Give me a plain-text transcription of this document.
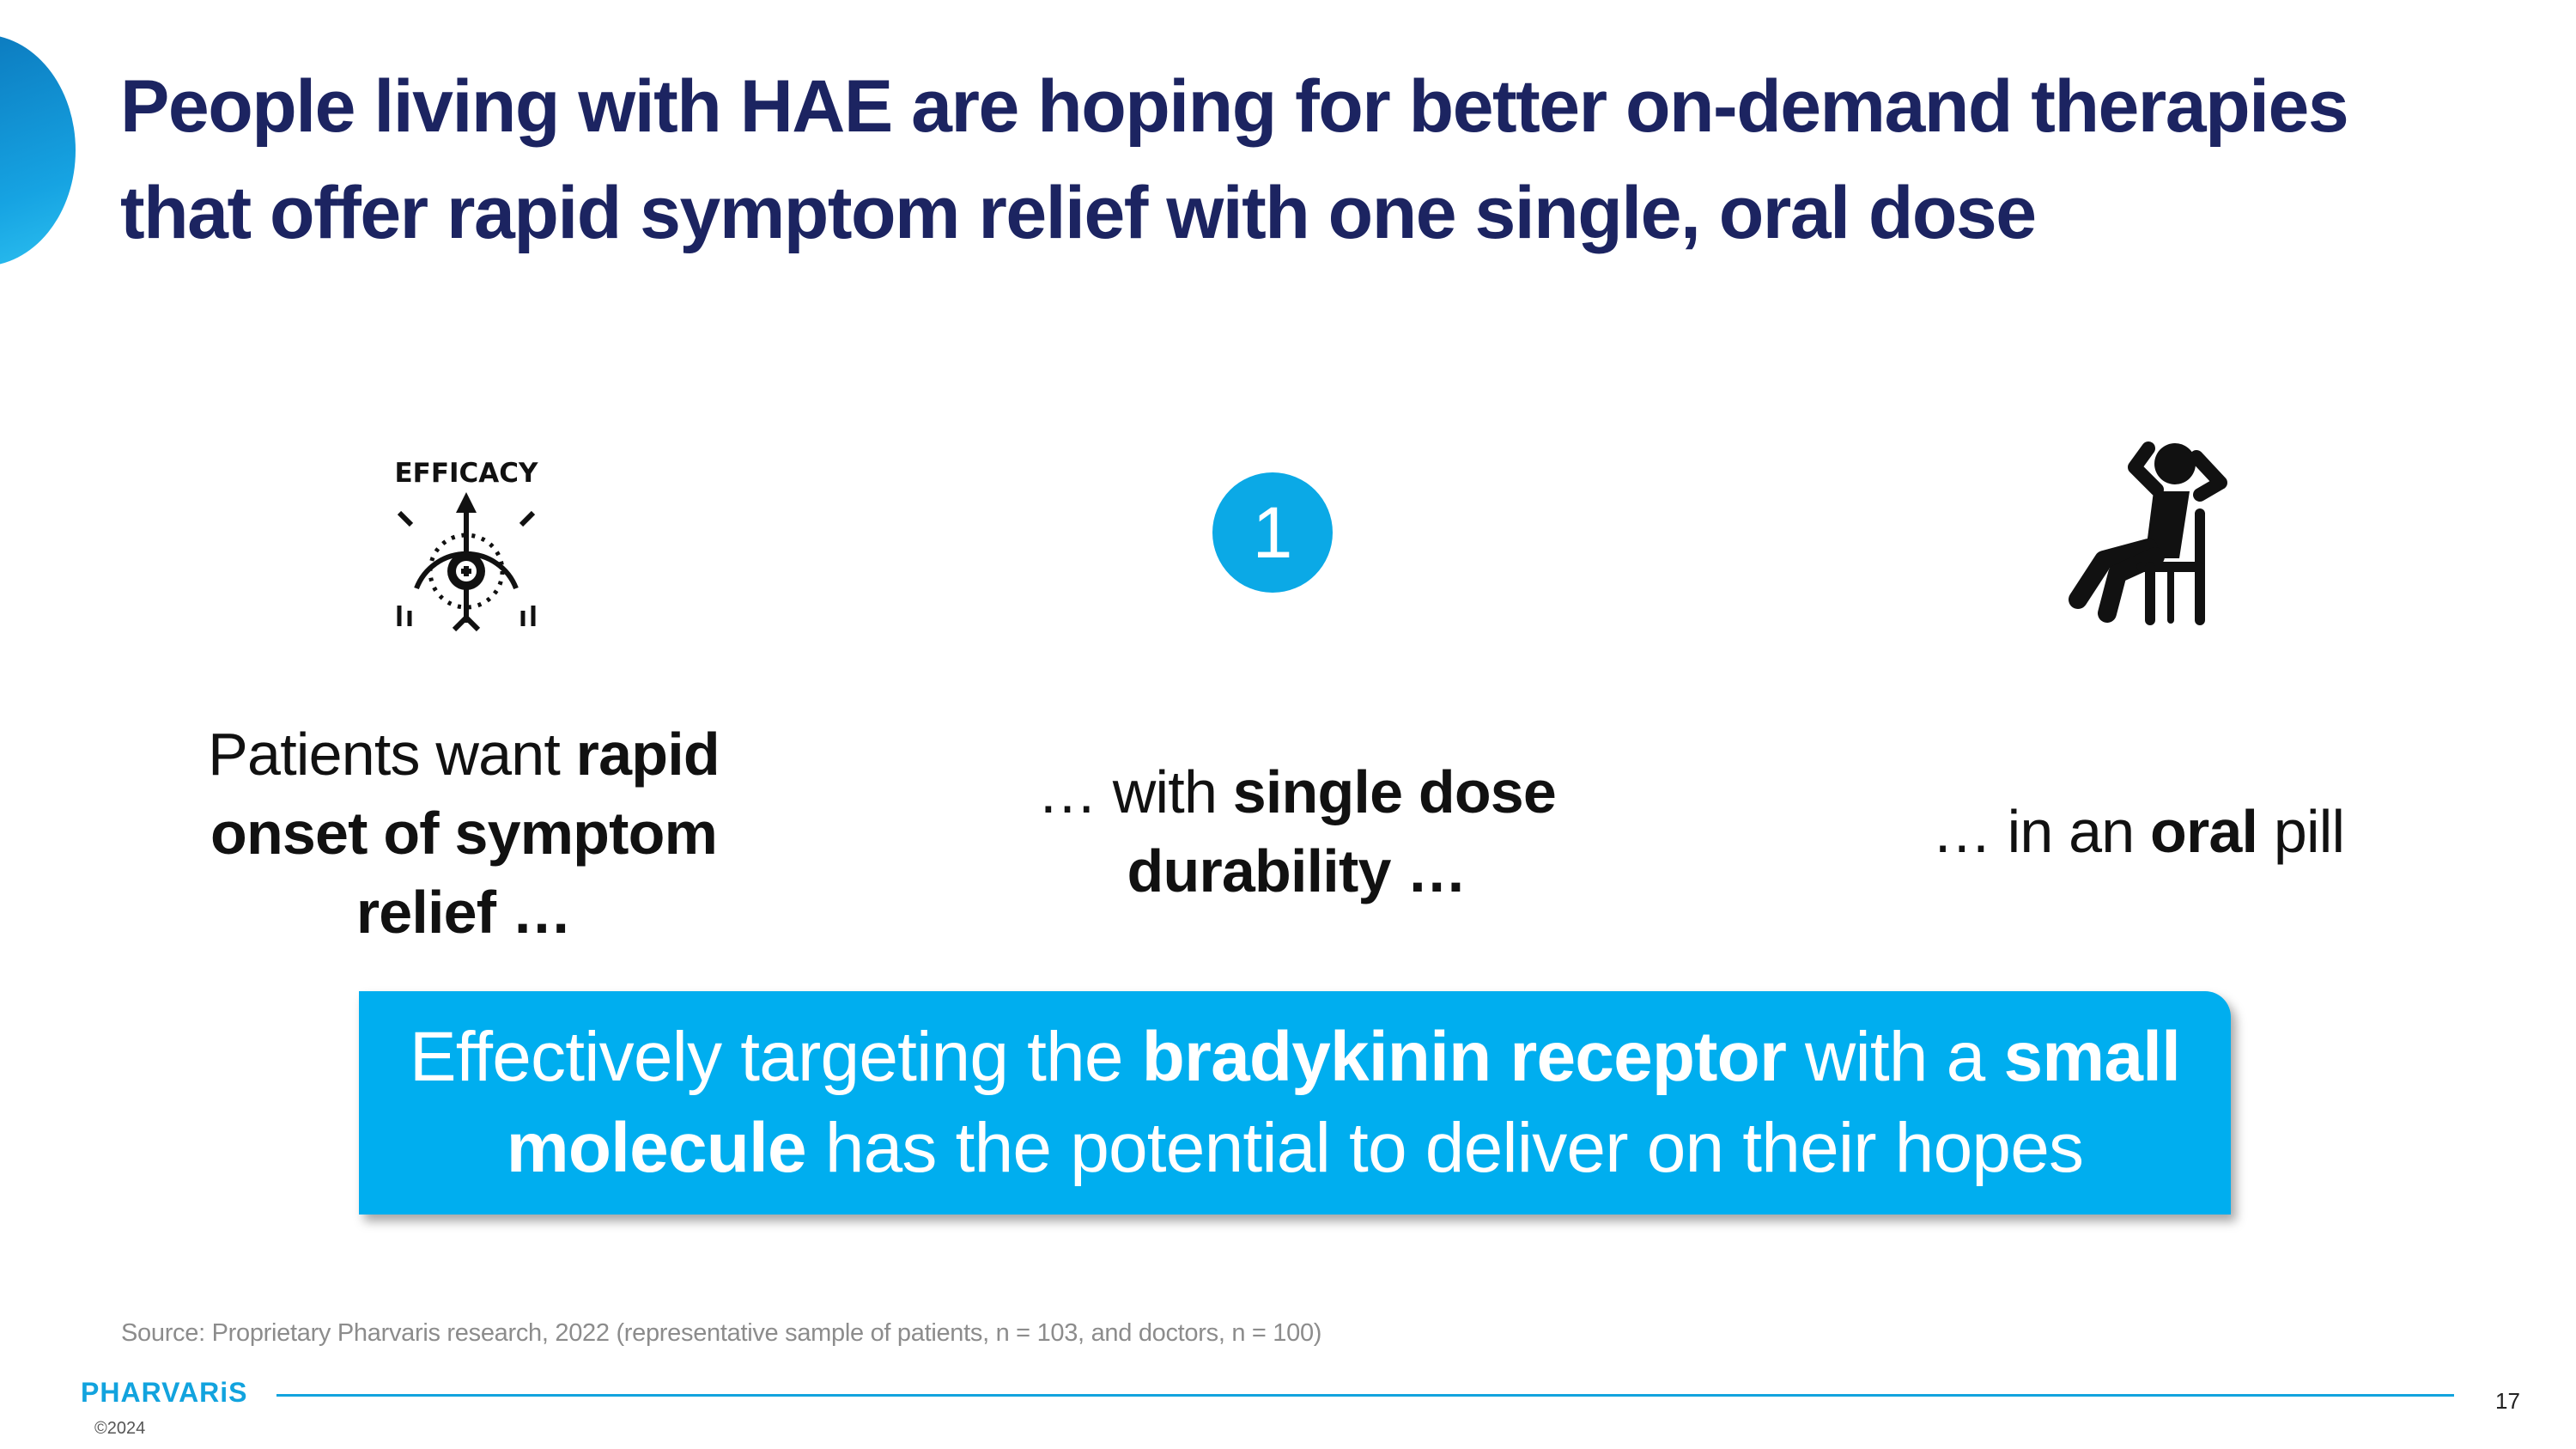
People living with HAE are hoping for better on-demand therapies
that offer rapid symptom relief with one single, oral dose
EFFICACY
1
Patients want rapid onset of symptom relief …
… with single dose durability …
… in an oral pill
Effectively targeting the bradykinin receptor with a small molecule has the potential to deliver on their hopes
Source: Proprietary Pharvaris research, 2022 (representative sample of patients, n = 103, and doctors, n = 100)
PHARVARiS
©2024
17
